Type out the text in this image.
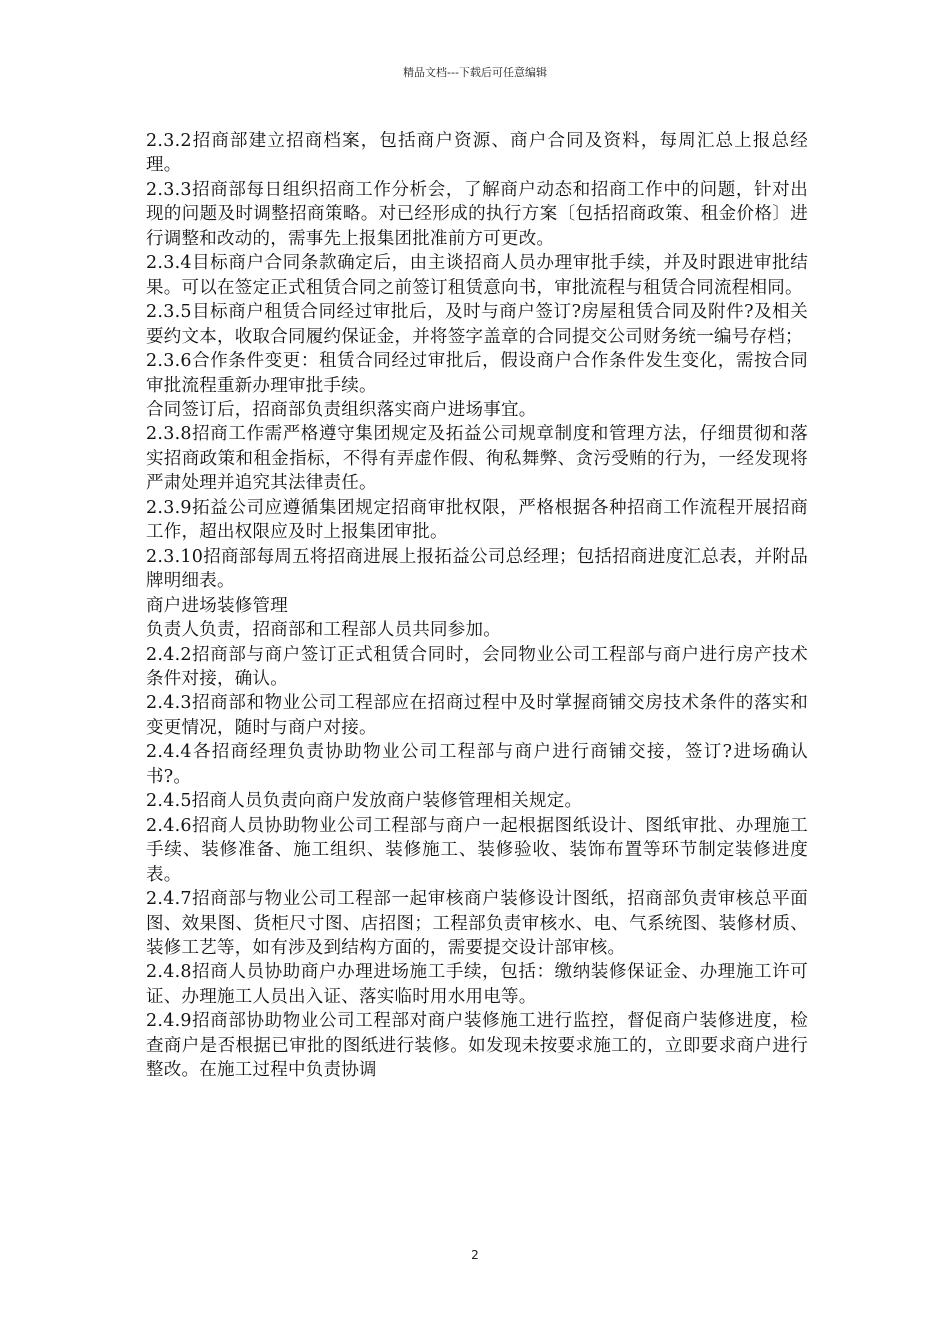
精品文档---下载后可任意编辑

2.3.2招商部建立招商档案，包括商户资源、商户合同及资料，每周汇总上报总经理。

2.3.3招商部每日组织招商工作分析会，了解商户动态和招商工作中的问题，针对出现的问题及时调整招商策略。对已经形成的执行方案〔包括招商政策、租金价格〕进行调整和改动的，需事先上报集团批准前方可更改。

2.3.4目标商户合同条款确定后，由主谈招商人员办理审批手续，并及时跟进审批结果。可以在签定正式租赁合同之前签订租赁意向书，审批流程与租赁合同流程相同。

2.3.5目标商户租赁合同经过审批后，及时与商户签订?房屋租赁合同及附件?及相关要约文本，收取合同履约保证金，并将签字盖章的合同提交公司财务统一编号存档；

2.3.6合作条件变更：租赁合同经过审批后，假设商户合作条件发生变化，需按合同审批流程重新办理审批手续。

合同签订后，招商部负责组织落实商户进场事宜。

2.3.8招商工作需严格遵守集团规定及拓益公司规章制度和管理方法，仔细贯彻和落实招商政策和租金指标，不得有弄虚作假、徇私舞弊、贪污受贿的行为，一经发现将严肃处理并追究其法律责任。

2.3.9拓益公司应遵循集团规定招商审批权限，严格根据各种招商工作流程开展招商工作，超出权限应及时上报集团审批。

2.3.10招商部每周五将招商进展上报拓益公司总经理；包括招商进度汇总表，并附品牌明细表。

商户进场装修管理

负责人负责，招商部和工程部人员共同参加。

2.4.2招商部与商户签订正式租赁合同时，会同物业公司工程部与商户进行房产技术条件对接，确认。

2.4.3招商部和物业公司工程部应在招商过程中及时掌握商铺交房技术条件的落实和变更情况，随时与商户对接。

2.4.4各招商经理负责协助物业公司工程部与商户进行商铺交接，签订?进场确认书?。

2.4.5招商人员负责向商户发放商户装修管理相关规定。

2.4.6招商人员协助物业公司工程部与商户一起根据图纸设计、图纸审批、办理施工手续、装修准备、施工组织、装修施工、装修验收、装饰布置等环节制定装修进度表。

2.4.7招商部与物业公司工程部一起审核商户装修设计图纸，招商部负责审核总平面图、效果图、货柜尺寸图、店招图；工程部负责审核水、电、气系统图、装修材质、装修工艺等，如有涉及到结构方面的，需要提交设计部审核。

2.4.8招商人员协助商户办理进场施工手续，包括：缴纳装修保证金、办理施工许可证、办理施工人员出入证、落实临时用水用电等。

2.4.9招商部协助物业公司工程部对商户装修施工进行监控，督促商户装修进度，检查商户是否根据已审批的图纸进行装修。如发现未按要求施工的，立即要求商户进行整改。在施工过程中负责协调

2
